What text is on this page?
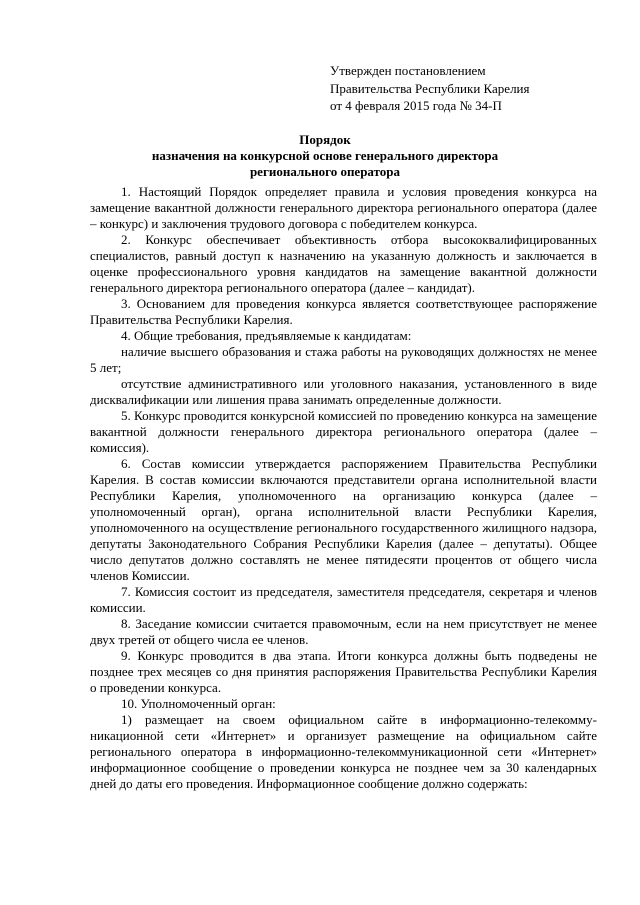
Утвержден постановлением
Правительства Республики Карелия
от 4 февраля 2015 года № 34-П
Порядок
назначения на конкурсной основе генерального директора
регионального оператора

1. Настоящий Порядок определяет правила и условия проведения конкурса на замещение вакантной должности генерального директора регионального оператора (далее – конкурс) и заключения трудового договора с победителем конкурса.

2. Конкурс обеспечивает объективность отбора высококвалифицированных специалистов, равный доступ к назначению на указанную должность и заключается в оценке профессионального уровня кандидатов на замещение вакантной должности генерального директора регионального оператора (далее – кандидат).

3. Основанием для проведения конкурса является соответствующее распоряжение Правительства Республики Карелия.

4. Общие требования, предъявляемые к кандидатам:

наличие высшего образования и стажа работы на руководящих должностях не менее 5 лет;

отсутствие административного или уголовного наказания, установленного в виде дисквалификации или лишения права занимать определенные должности.

5. Конкурс проводится конкурсной комиссией по проведению конкурса на замещение вакантной должности генерального директора регионального оператора (далее – комиссия).

6. Состав комиссии утверждается распоряжением Правительства Республики Карелия. В состав комиссии включаются представители органа исполнительной власти Республики Карелия, уполномоченного на организацию конкурса (далее – уполномоченный орган), органа исполнительной власти Республики Карелия, уполномоченного на осуществление регионального государственного жилищного надзора, депутаты Законодательного Собрания Республики Карелия (далее – депутаты). Общее число депутатов должно составлять не менее пятидесяти процентов от общего числа членов Комиссии.

7. Комиссия состоит из председателя, заместителя председателя, секретаря и членов комиссии.

8. Заседание комиссии считается правомочным, если на нем присутствует не менее двух третей от общего числа ее членов.

9. Конкурс проводится в два этапа. Итоги конкурса должны быть подведены не позднее трех месяцев со дня принятия распоряжения Правительства Республики Карелия о проведении конкурса.

10. Уполномоченный орган:

1) размещает на своем официальном сайте в информационно-телекомму-никационной сети «Интернет» и организует размещение на официальном сайте регионального оператора в информационно-телекоммуникационной сети «Интернет» информационное сообщение о проведении конкурса не позднее чем за 30 календарных дней до даты его проведения. Информационное сообщение должно содержать:
